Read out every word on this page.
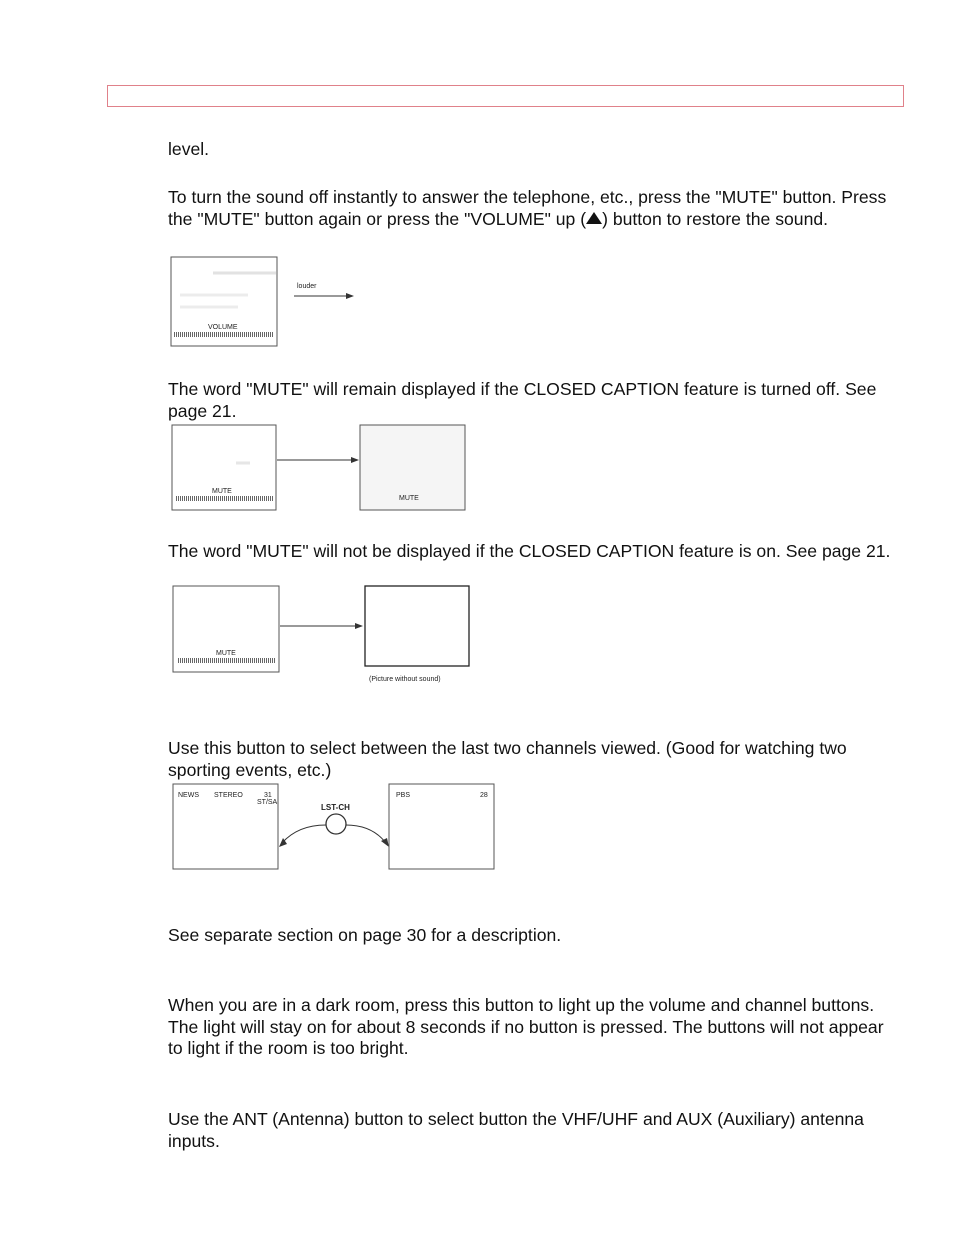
level.

To turn the sound off instantly to answer the telephone, etc., press the "MUTE" button. Press the "MUTE" button again or press the "VOLUME" up ( ) button to restore the sound.

VOLUME
louder

The word "MUTE" will remain displayed if the CLOSED CAPTION feature is turned off. See page 21.

MUTE
MUTE

The word "MUTE" will not be displayed if the CLOSED CAPTION feature is on. See page 21.

MUTE
(Picture without sound)

Use this button to select between the last two channels viewed. (Good for watching two sporting events, etc.)

NEWS STEREO	31
ST/SA
LST-CH
PBS	28

See separate section on page 30 for a description.

When you are in a dark room, press this button to light up the volume and channel buttons. The light will stay on for about 8 seconds if no button is pressed. The buttons will not appear to light if the room is too bright.

Use the ANT (Antenna) button to select button the VHF/UHF and AUX (Auxiliary) antenna inputs.
